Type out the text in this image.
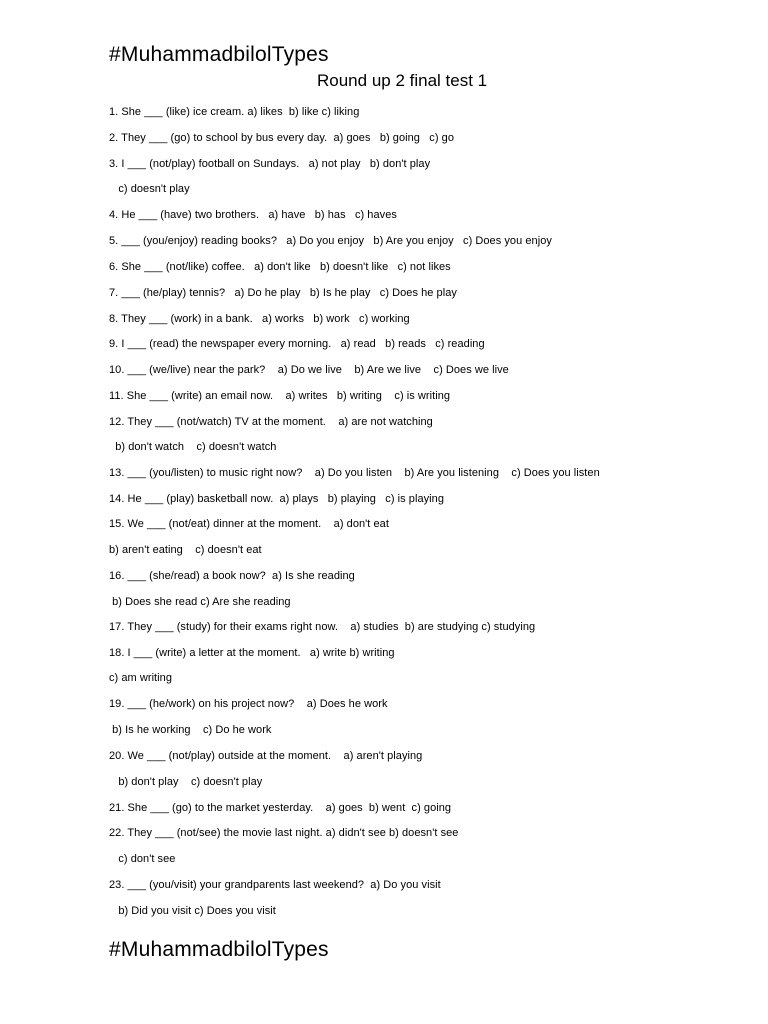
#MuhammadbilolTypes
Round up 2 final test 1
1. She ___ (like) ice cream. a) likes  b) like c) liking
2. They ___ (go) to school by bus every day.  a) goes   b) going   c) go
3. I ___ (not/play) football on Sundays.   a) not play   b) don't play
c) doesn't play
4. He ___ (have) two brothers.   a) have   b) has   c) haves
5. ___ (you/enjoy) reading books?   a) Do you enjoy   b) Are you enjoy   c) Does you enjoy
6. She ___ (not/like) coffee.   a) don't like   b) doesn't like   c) not likes
7. ___ (he/play) tennis?   a) Do he play   b) Is he play   c) Does he play
8. They ___ (work) in a bank.   a) works   b) work   c) working
9. I ___ (read) the newspaper every morning.   a) read   b) reads   c) reading
10. ___ (we/live) near the park?    a) Do we live    b) Are we live    c) Does we live
11. She ___ (write) an email now.    a) writes   b) writing    c) is writing
12. They ___ (not/watch) TV at the moment.    a) are not watching
b) don't watch    c) doesn't watch
13. ___ (you/listen) to music right now?    a) Do you listen    b) Are you listening    c) Does you listen
14. He ___ (play) basketball now.  a) plays   b) playing   c) is playing
15. We ___ (not/eat) dinner at the moment.    a) don't eat
b) aren't eating    c) doesn't eat
16. ___ (she/read) a book now?  a) Is she reading
b) Does she read c) Are she reading
17. They ___ (study) for their exams right now.    a) studies  b) are studying c) studying
18. I ___ (write) a letter at the moment.   a) write b) writing
c) am writing
19. ___ (he/work) on his project now?    a) Does he work
b) Is he working    c) Do he work
20. We ___ (not/play) outside at the moment.    a) aren't playing
b) don't play    c) doesn't play
21. She ___ (go) to the market yesterday.    a) goes  b) went  c) going
22. They ___ (not/see) the movie last night. a) didn't see b) doesn't see
c) don't see
23. ___ (you/visit) your grandparents last weekend?  a) Do you visit
b) Did you visit c) Does you visit
#MuhammadbilolTypes
